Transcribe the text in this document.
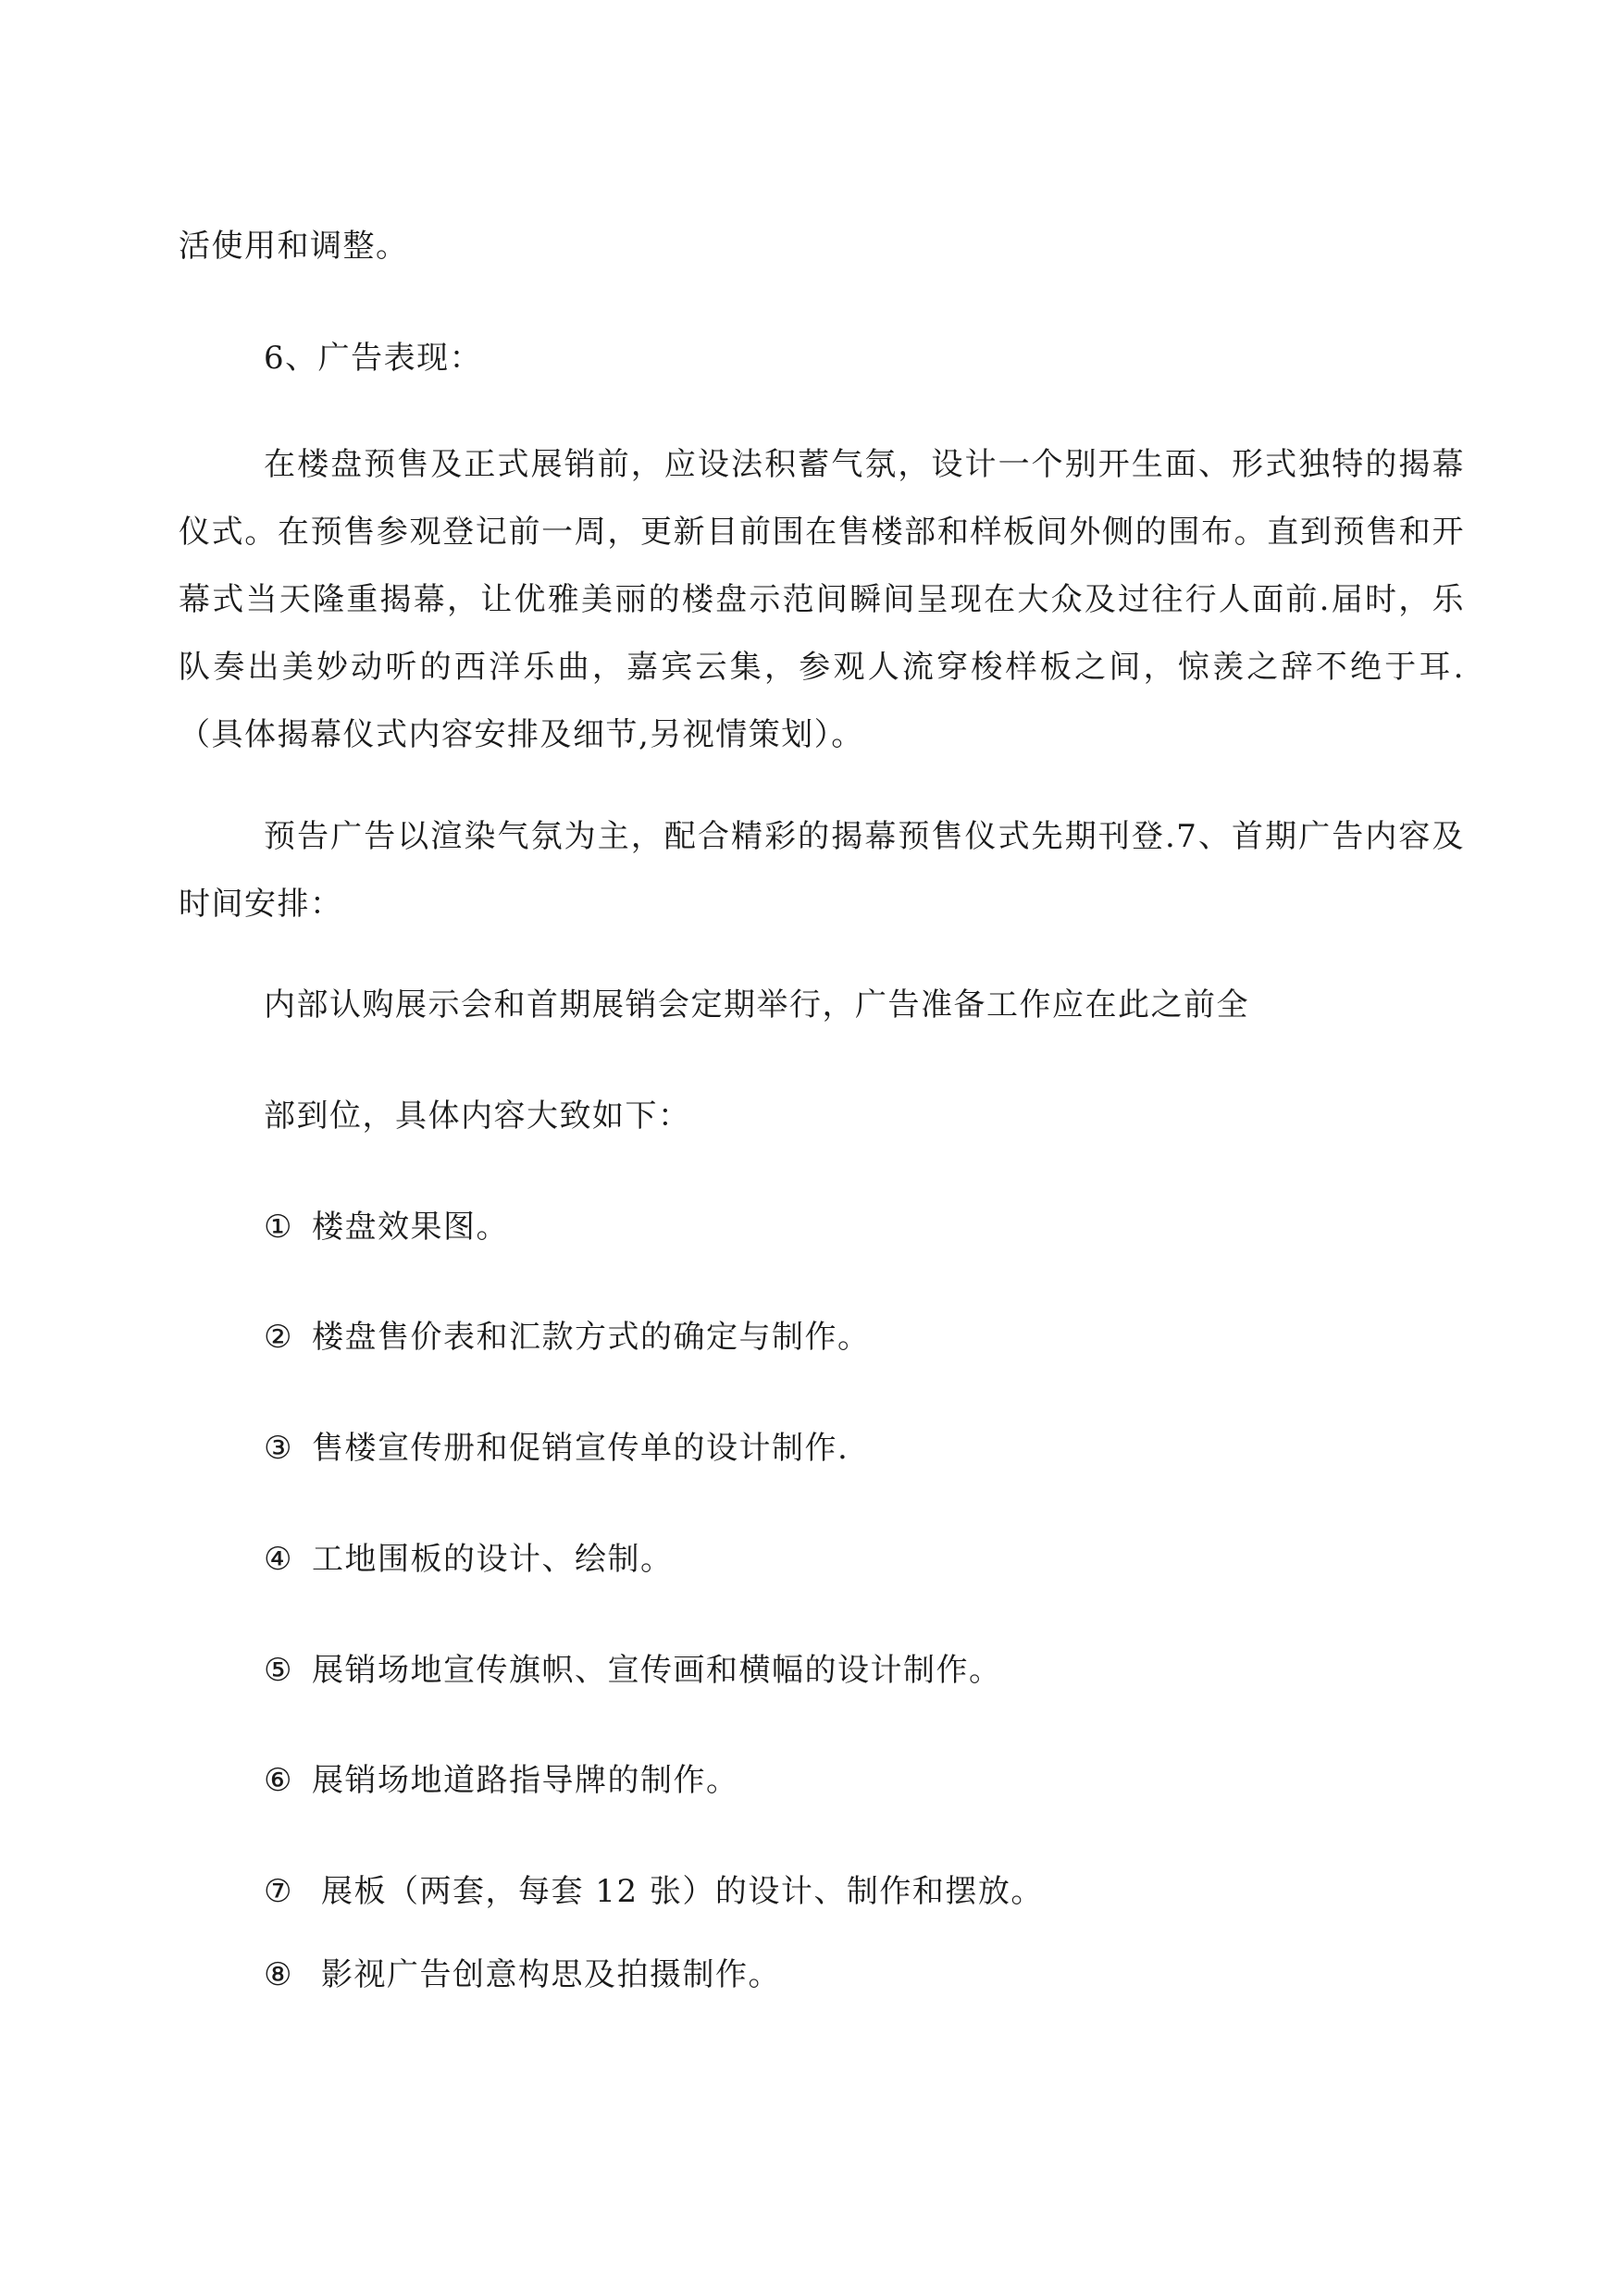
活使用和调整。
6、广告表现：
在楼盘预售及正式展销前，应设法积蓄气氛，设计一个别开生面、形式独特的揭幕仪式。在预售参观登记前一周，更新目前围在售楼部和样板间外侧的围布。直到预售和开幕式当天隆重揭幕，让优雅美丽的楼盘示范间瞬间呈现在大众及过往行人面前.届时，乐队奏出美妙动听的西洋乐曲，嘉宾云集，参观人流穿梭样板之间，惊羡之辞不绝于耳.（具体揭幕仪式内容安排及细节,另视情策划）。
预告广告以渲染气氛为主，配合精彩的揭幕预售仪式先期刊登.7、首期广告内容及时间安排：
内部认购展示会和首期展销会定期举行，广告准备工作应在此之前全
部到位，具体内容大致如下：
① 楼盘效果图。
② 楼盘售价表和汇款方式的确定与制作。
③ 售楼宣传册和促销宣传单的设计制作.
④ 工地围板的设计、绘制。
⑤ 展销场地宣传旗帜、宣传画和横幅的设计制作。
⑥ 展销场地道路指导牌的制作。
⑦ 展板（两套，每套 12 张）的设计、制作和摆放。
⑧ 影视广告创意构思及拍摄制作。
